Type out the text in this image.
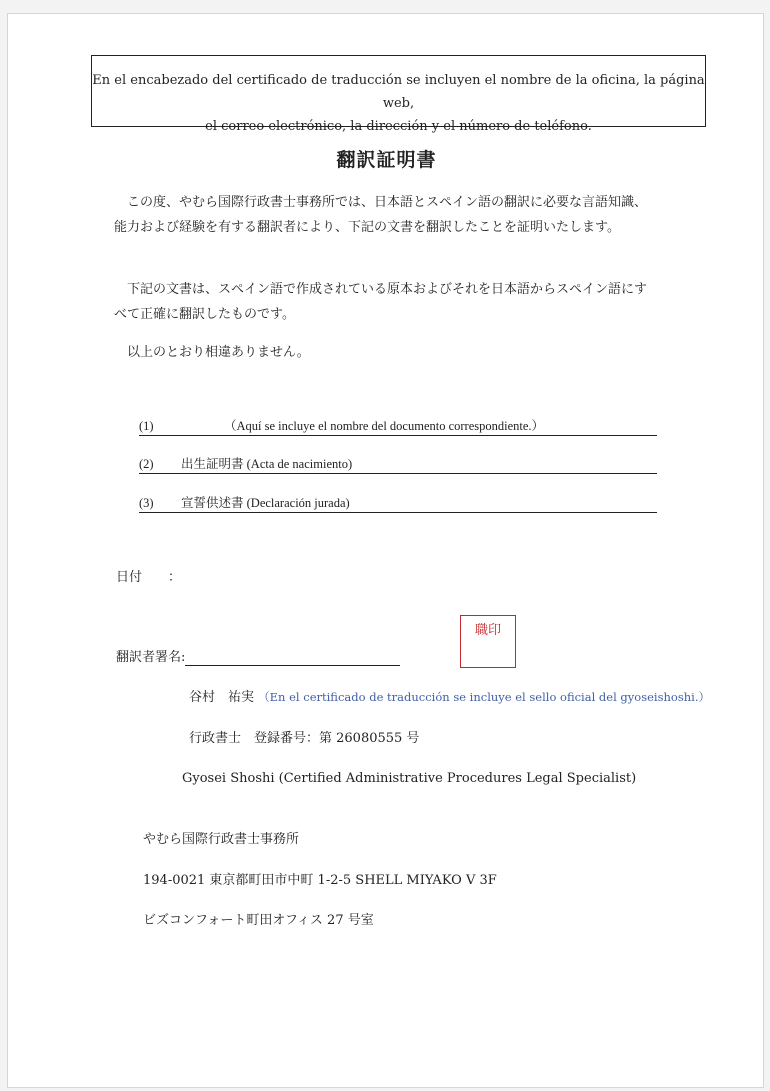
En el encabezado del certificado de traducción se incluyen el nombre de la oficina, la página web,
el correo electrónico, la dirección y el número de teléfono.
翻訳証明書
この度、やむら国際行政書士事務所では、日本語とスペイン語の翻訳に必要な言語知識、能力および経験を有する翻訳者により、下記の文書を翻訳したことを証明いたします。
下記の文書は、スペイン語で作成されている原本およびそれを日本語からスペイン語にすべて正確に翻訳したものです。
以上のとおり相違ありません。
(1)	（Aquí se incluye el nombre del documento correspondiente.）
(2) 出生証明書 (Acta de nacimiento)
(3) 宣誓供述書 (Declaración jurada)
日付　　：
翻訳者署名:
職印
谷村　祐実 （En el certificado de traducción se incluye el sello oficial del gyoseishoshi.）
行政書士　登録番号：第 26080555 号
Gyosei Shoshi (Certified Administrative Procedures Legal Specialist)
やむら国際行政書士事務所
194-0021 東京都町田市中町 1-2-5 SHELL MIYAKO V 3F
ビズコンフォート町田オフィス 27 号室
